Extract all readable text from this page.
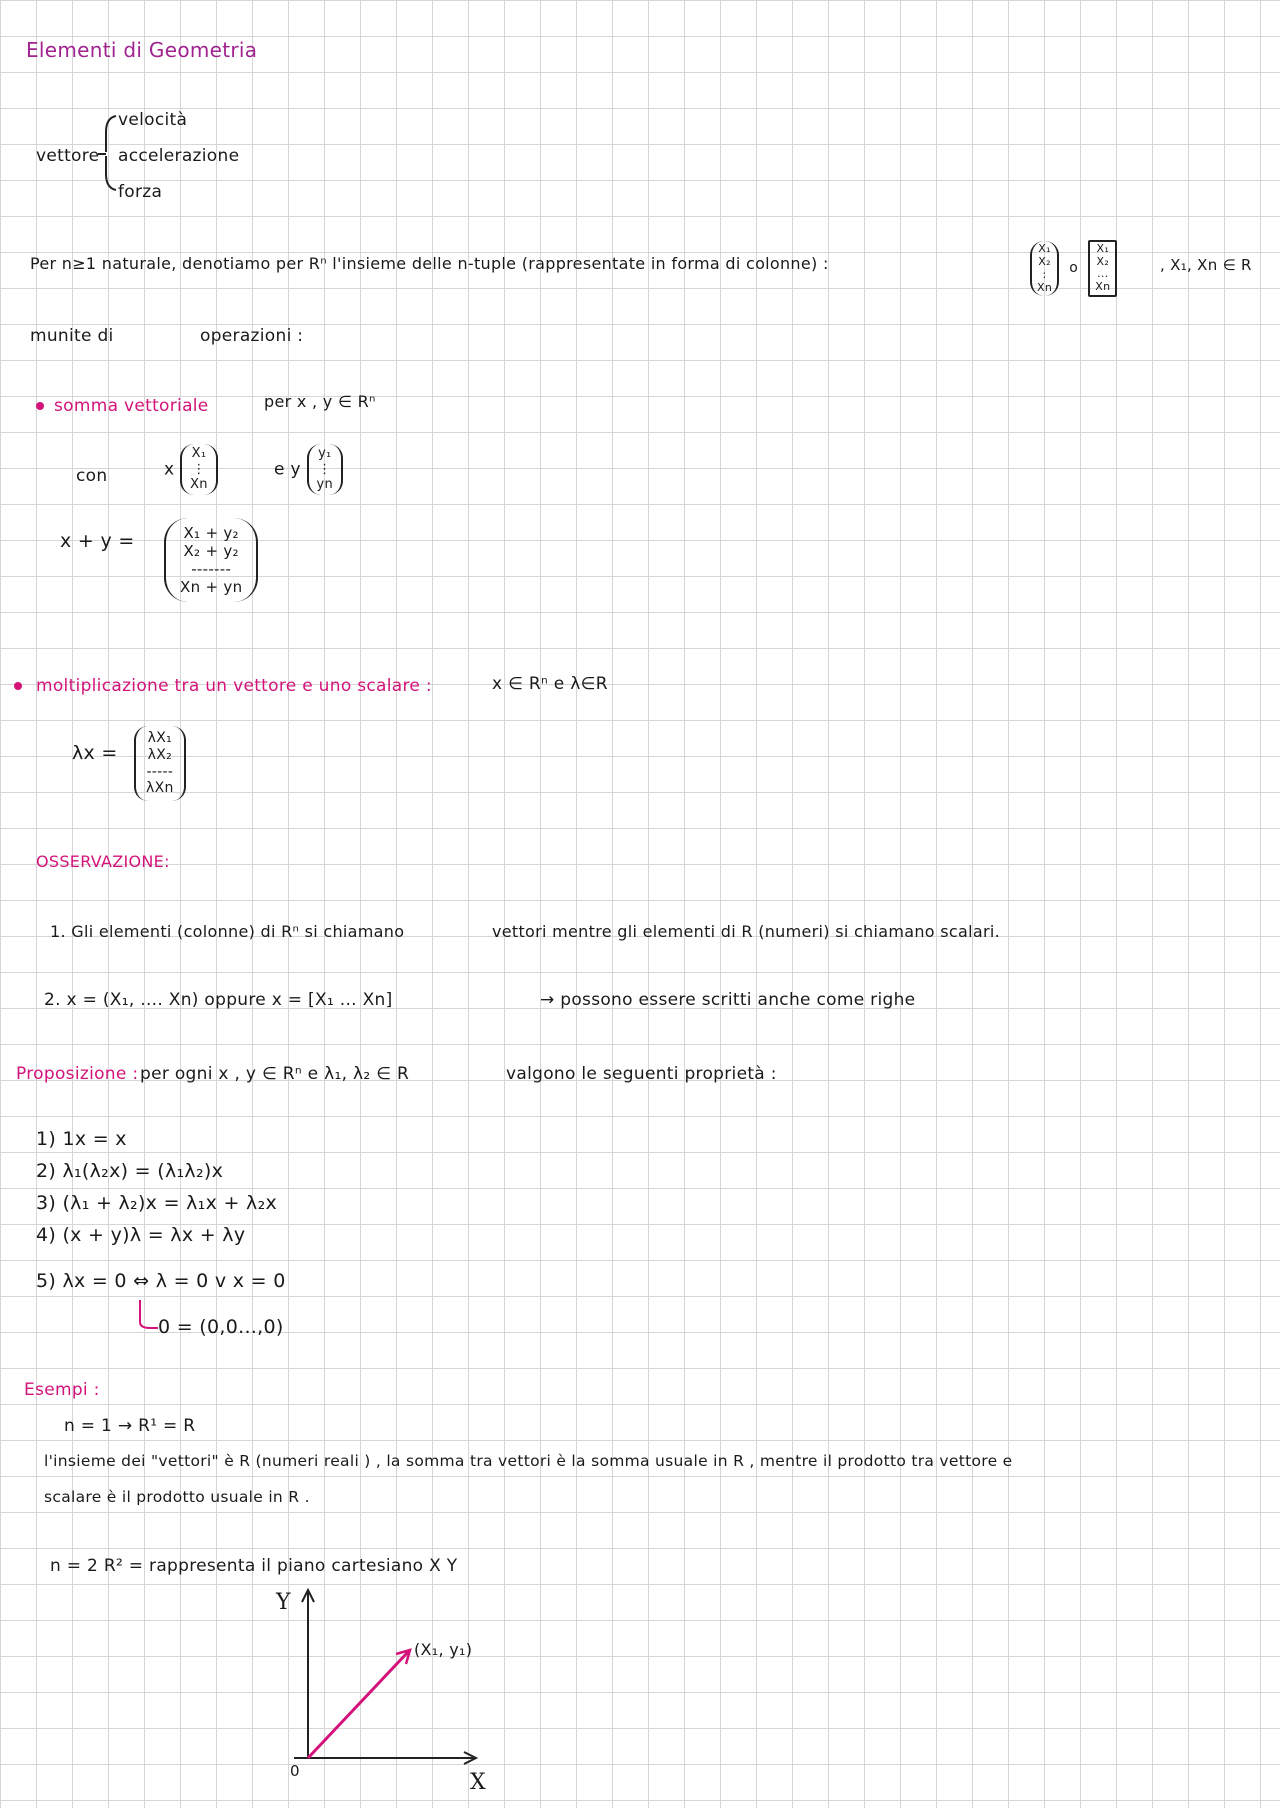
Elementi di Geometria
vettore
velocità
accelerazione
forza
Per n≥1 naturale, denotiamo per Rⁿ l'insieme delle n-tuple (rappresentate in forma di colonne) :
X₁
X₂
:
Xn o X₁
X₂
...
Xn
, X₁, Xn ∈ R
munite di	operazioni :
somma vettoriale	per x , y ∈ Rⁿ
con	x X₁
⋮
Xn
e y y₁
⋮
yn
x + y =	X₁ + y₂
X₂ + y₂
-------
Xn + yn
moltiplicazione tra un vettore e uno scalare :	x ∈ Rⁿ e λ∈R
λx =
λX₁
λX₂
-----
λXn
OSSERVAZIONE:
1. Gli elementi (colonne) di Rⁿ si chiamano	vettori mentre gli elementi di R (numeri) si chiamano scalari.
2. x = (X₁, .... Xn) oppure x = [X₁ ... Xn]	→ possono essere scritti anche come righe
Proposizione : per ogni x , y ∈ Rⁿ e λ₁, λ₂ ∈ R	valgono le seguenti proprietà :
1) 1x = x
2) λ₁(λ₂x) = (λ₁λ₂)x
3) (λ₁ + λ₂)x = λ₁x + λ₂x
4) (x + y)λ = λx + λy
5) λx = 0 ⇔ λ = 0 v x = 0
0 = (0,0...,0)
Esempi :
n = 1 → R¹ = R
l'insieme dei "vettori" è R (numeri reali ) , la somma tra vettori è la somma usuale in R , mentre il prodotto tra vettore e
scalare è il prodotto usuale in R .
n = 2 R² = rappresenta il piano cartesiano X Y
Y
X
0
(X₁, y₁)
